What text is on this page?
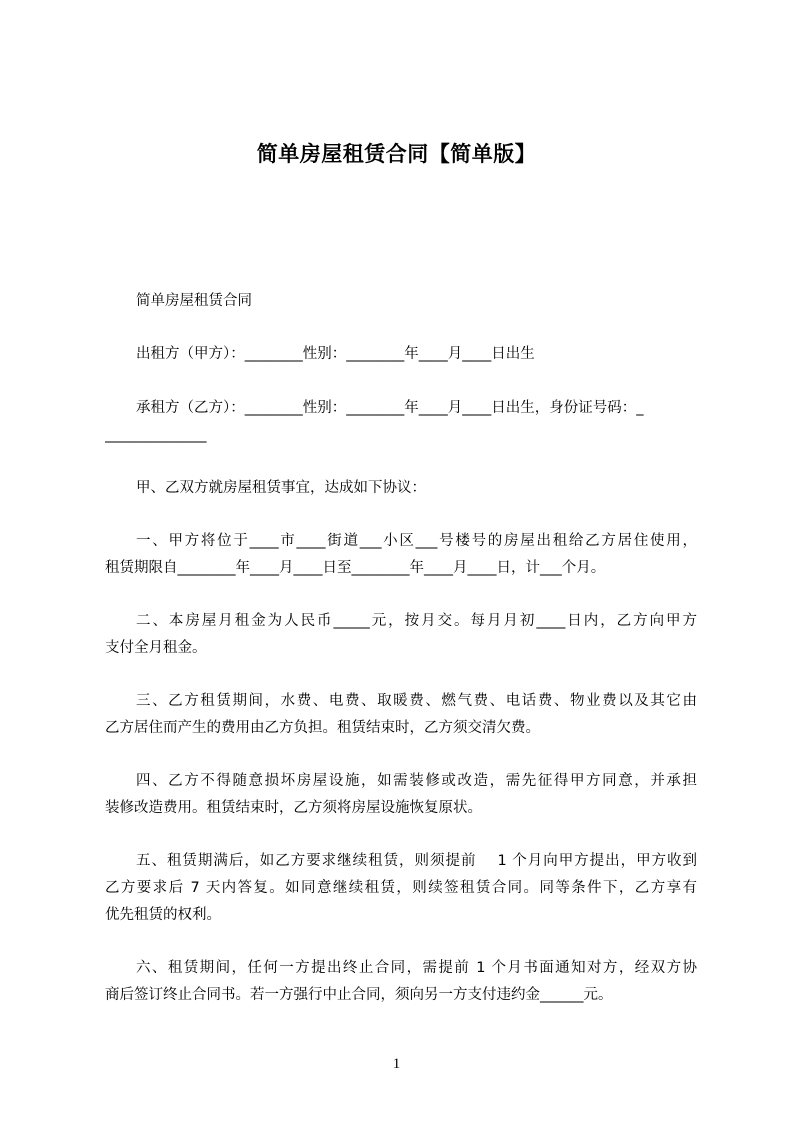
简单房屋租赁合同【简单版】
简单房屋租赁合同
出租方（甲方）：________性别：________年____月____日出生
承租方（乙方）：________性别：________年____月____日出生，身份证号码：_
______________
甲、乙双方就房屋租赁事宜，达成如下协议：
一、甲方将位于____市____街道___小区___号楼号的房屋出租给乙方居住使用，
租赁期限自________年____月____日至________年____月____日，计___个月。
二、本房屋月租金为人民币_____元，按月交。每月月初____日内，乙方向甲方
支付全月租金。
三、乙方租赁期间，水费、电费、取暖费、燃气费、电话费、物业费以及其它由
乙方居住而产生的费用由乙方负担。租赁结束时，乙方须交清欠费。
四、乙方不得随意损坏房屋设施，如需装修或改造，需先征得甲方同意，并承担
装修改造费用。租赁结束时，乙方须将房屋设施恢复原状。
五、租赁期满后，如乙方要求继续租赁，则须提前　 1 个月向甲方提出，甲方收到
乙方要求后 7 天内答复。如同意继续租赁，则续签租赁合同。同等条件下，乙方享有
优先租赁的权利。
六、租赁期间，任何一方提出终止合同，需提前 1 个月书面通知对方，经双方协
商后签订终止合同书。若一方强行中止合同，须向另一方支付违约金______元。
1
